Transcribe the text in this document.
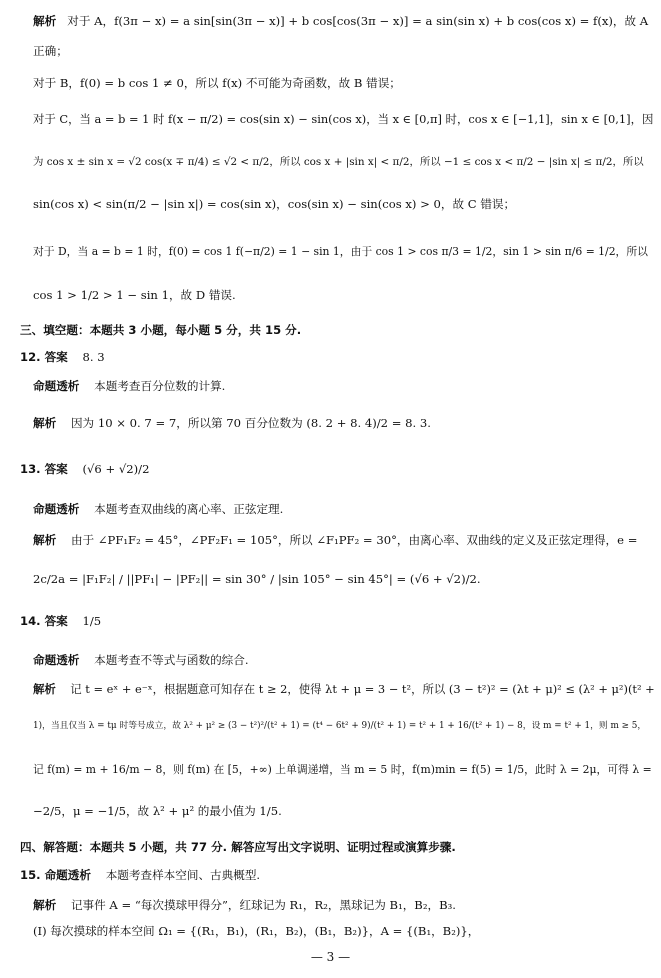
解析 对于 A，f(3π − x) = a sin[sin(3π − x)] + b cos[cos(3π − x)] = a sin(sin x) + b cos(cos x) = f(x)，故 A
正确；
对于 B，f(0) = b cos 1 ≠ 0，所以 f(x) 不可能为奇函数，故 B 错误；
对于 C，当 a = b = 1 时 f(x − π/2) = cos(sin x) − sin(cos x)，当 x ∈ [0,π] 时，cos x ∈ [−1,1]，sin x ∈ [0,1]，因
为 cos x ± sin x = √2 cos(x ∓ π/4) ≤ √2 < π/2，所以 cos x + |sin x| < π/2，所以 −1 ≤ cos x < π/2 − |sin x| ≤ π/2，所以
sin(cos x) < sin(π/2 − |sin x|) = cos(sin x)，cos(sin x) − sin(cos x) > 0，故 C 错误；
对于 D，当 a = b = 1 时，f(0) = cos 1 f(−π/2) = 1 − sin 1，由于 cos 1 > cos π/3 = 1/2，sin 1 > sin π/6 = 1/2，所以
cos 1 > 1/2 > 1 − sin 1，故 D 错误.
三、填空题：本题共 3 小题，每小题 5 分，共 15 分.
12. 答案 8. 3
命题透析 本题考查百分位数的计算.
解析 因为 10 × 0. 7 = 7，所以第 70 百分位数为 (8. 2 + 8. 4)/2 = 8. 3.
13. 答案 (√6 + √2)/2
命题透析 本题考查双曲线的离心率、正弦定理.
解析 由于 ∠PF₁F₂ = 45°，∠PF₂F₁ = 105°，所以 ∠F₁PF₂ = 30°，由离心率、双曲线的定义及正弦定理得，e =
2c/2a = |F₁F₂| / ||PF₁| − |PF₂|| = sin 30° / |sin 105° − sin 45°| = (√6 + √2)/2.
14. 答案 1/5
命题透析 本题考查不等式与函数的综合.
解析 记 t = eˣ + e⁻ˣ，根据题意可知存在 t ≥ 2，使得 λt + μ = 3 − t²，所以 (3 − t²)² = (λt + μ)² ≤ (λ² + μ²)(t² +
1)，当且仅当 λ = tμ 时等号成立，故 λ² + μ² ≥ (3 − t²)²/(t² + 1) = (t⁴ − 6t² + 9)/(t² + 1) = t² + 1 + 16/(t² + 1) − 8，设 m = t² + 1，则 m ≥ 5，
记 f(m) = m + 16/m − 8，则 f(m) 在 [5，+∞) 上单调递增，当 m = 5 时，f(m)min = f(5) = 1/5，此时 λ = 2μ，可得 λ =
−2/5，μ = −1/5，故 λ² + μ² 的最小值为 1/5.
四、解答题：本题共 5 小题，共 77 分. 解答应写出文字说明、证明过程或演算步骤.
15. 命题透析 本题考查样本空间、古典概型.
解析 记事件 A = “每次摸球甲得分”，红球记为 R₁，R₂，黑球记为 B₁，B₂，B₃.
(Ⅰ) 每次摸球的样本空间 Ω₁ = {(R₁，B₁)，(R₁，B₂)，(B₁，B₂)}，A = {(B₁，B₂)}，
— 3 —
